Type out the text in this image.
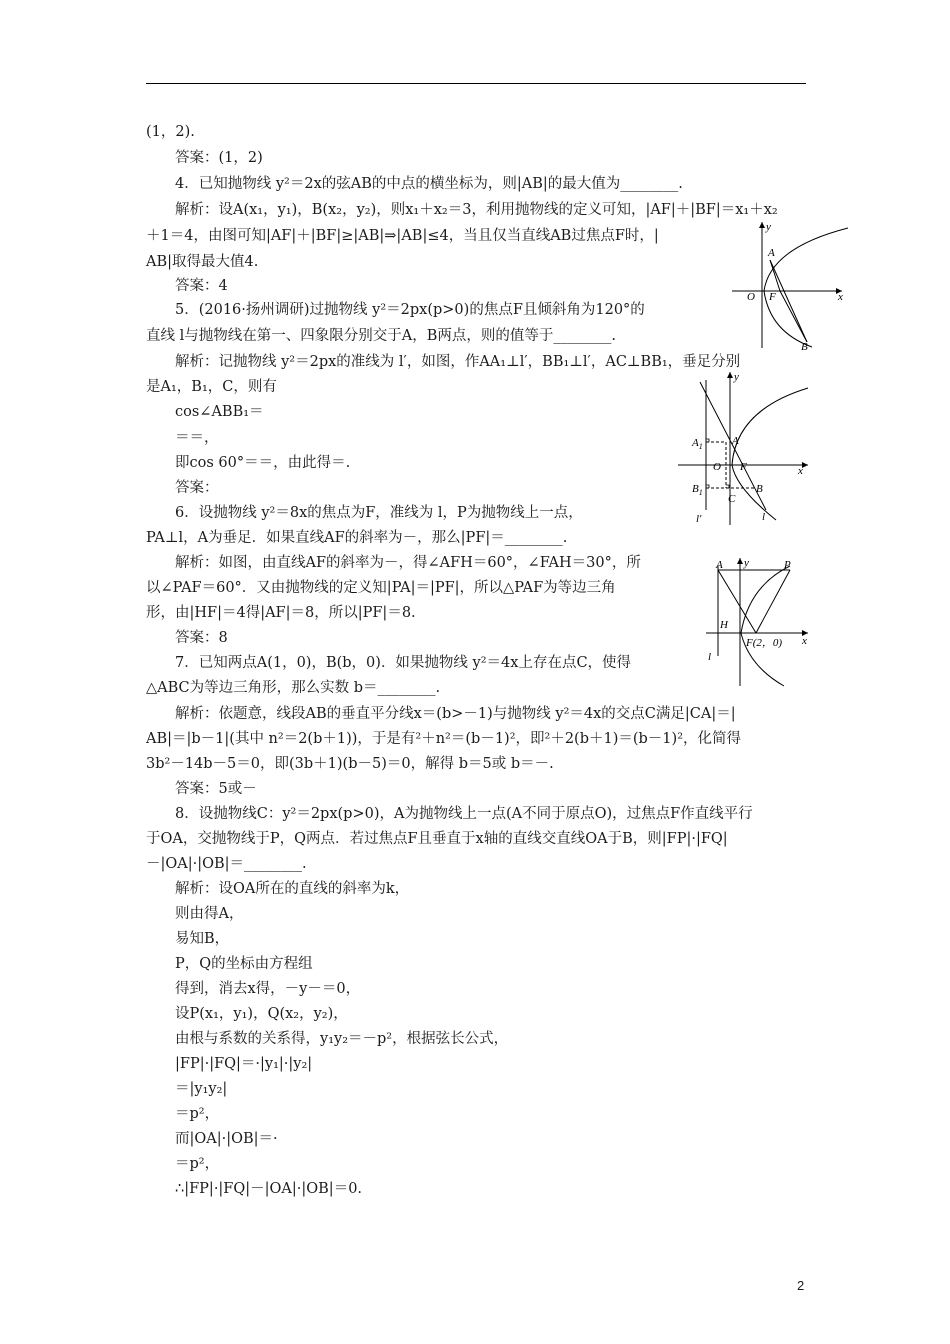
(1，2).
答案：(1，2)
4．已知抛物线 y²＝2x的弦AB的中点的横坐标为，则|AB|的最大值为________.
解析：设A(x₁，y₁)，B(x₂，y₂)，则x₁＋x₂＝3，利用抛物线的定义可知，|AF|＋|BF|＝x₁＋x₂
＋1＝4，由图可知|AF|＋|BF|≥|AB|⇒|AB|≤4，当且仅当直线AB过焦点F时，|
AB|取得最大值4.
答案：4
5．(2016·扬州调研)过抛物线 y²＝2px(p>0)的焦点F且倾斜角为120°的
直线 l与抛物线在第一、四象限分别交于A，B两点，则的值等于________.
解析：记抛物线 y²＝2px的准线为 l′，如图，作AA₁⊥l′，BB₁⊥l′，AC⊥BB₁，垂足分别
是A₁，B₁，C，则有
cos∠ABB₁＝
＝＝，
即cos 60°＝＝，由此得＝.
答案：
6．设抛物线 y²＝8x的焦点为F，准线为 l，P为抛物线上一点，
PA⊥l，A为垂足．如果直线AF的斜率为－，那么|PF|＝________.
解析：如图，由直线AF的斜率为－，得∠AFH＝60°，∠FAH＝30°，所
以∠PAF＝60°．又由抛物线的定义知|PA|＝|PF|，所以△PAF为等边三角
形，由|HF|＝4得|AF|＝8，所以|PF|＝8.
答案：8
7．已知两点A(1，0)，B(b，0)．如果抛物线 y²＝4x上存在点C，使得
△ABC为等边三角形，那么实数 b＝________.
解析：依题意，线段AB的垂直平分线x＝(b>－1)与抛物线 y²＝4x的交点C满足|CA|＝|
AB|＝|b－1|(其中 n²＝2(b＋1))，于是有²＋n²＝(b－1)²，即²＋2(b＋1)＝(b－1)²，化简得
3b²－14b－5＝0，即(3b＋1)(b－5)＝0，解得 b＝5或 b＝－.
答案：5或－
8．设抛物线C：y²＝2px(p>0)，A为抛物线上一点(A不同于原点O)，过焦点F作直线平行
于OA，交抛物线于P，Q两点．若过焦点F且垂直于x轴的直线交直线OA于B，则|FP|·|FQ|
－|OA|·|OB|＝________.
解析：设OA所在的直线的斜率为k，
则由得A，
易知B，
P，Q的坐标由方程组
得到，消去x得，－y－＝0，
设P(x₁，y₁)，Q(x₂，y₂)，
由根与系数的关系得，y₁y₂＝－p²，根据弦长公式，
|FP|·|FQ|＝·|y₁|·|y₂|
＝|y₁y₂|
＝p²，
而|OA|·|OB|＝·
＝p²，
∴|FP|·|FQ|－|OA|·|OB|＝0.
y
A
O F	x
B
$A_1$	A
O F	x
y
$B_1$
C
B
l′	l
A y	P
H
F(2，0) x
l
2
